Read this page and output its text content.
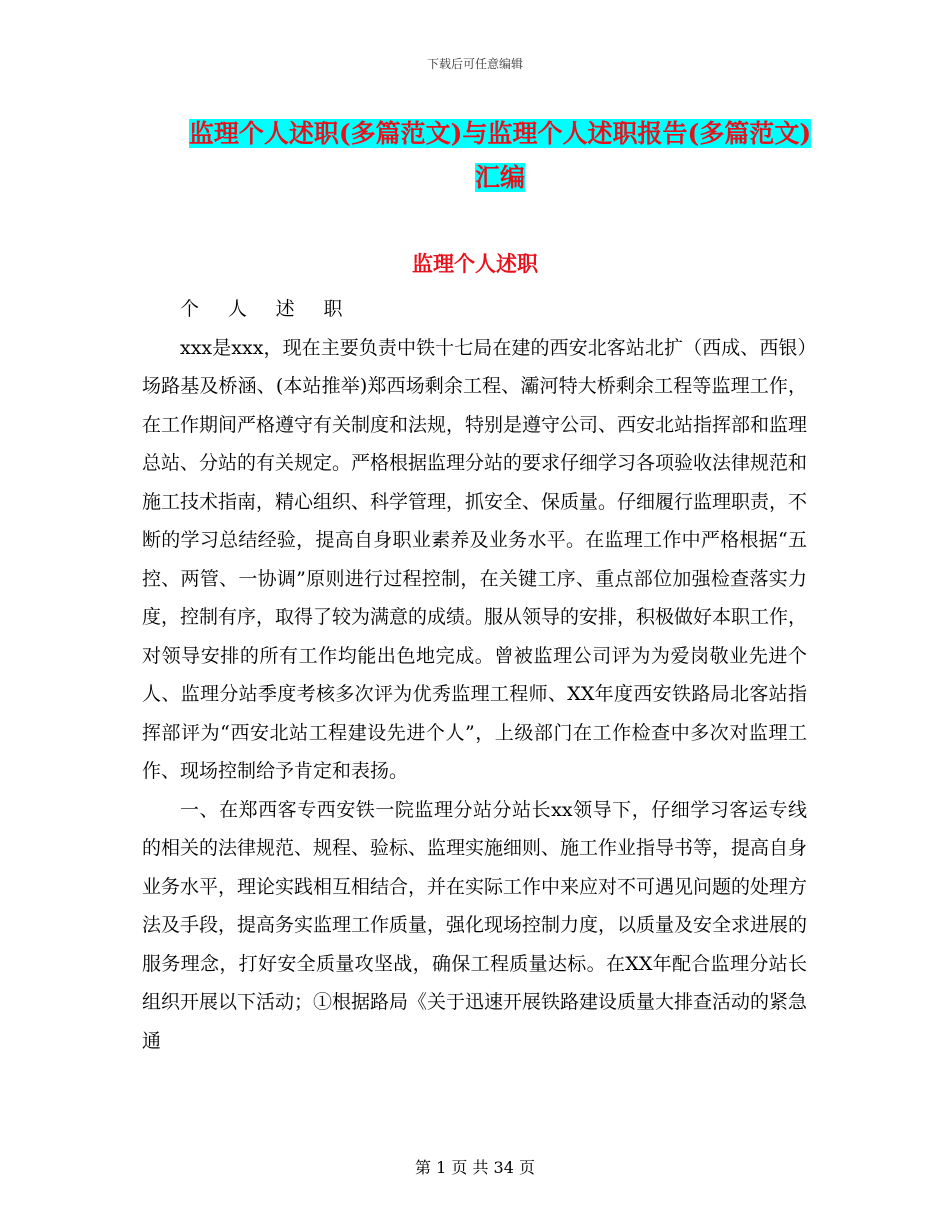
下载后可任意编辑
监理个人述职(多篇范文)与监理个人述职报告(多篇范文)汇编
监理个人述职

个 人 述 职

xxx是xxx，现在主要负责中铁十七局在建的西安北客站北扩（西成、西银）场路基及桥涵、(本站推举)郑西场剩余工程、灞河特大桥剩余工程等监理工作，在工作期间严格遵守有关制度和法规，特别是遵守公司、西安北站指挥部和监理总站、分站的有关规定。严格根据监理分站的要求仔细学习各项验收法律规范和施工技术指南，精心组织、科学管理，抓安全、保质量。仔细履行监理职责，不断的学习总结经验，提高自身职业素养及业务水平。在监理工作中严格根据“五控、两管、一协调”原则进行过程控制，在关键工序、重点部位加强检查落实力度，控制有序，取得了较为满意的成绩。服从领导的安排，积极做好本职工作，对领导安排的所有工作均能出色地完成。曾被监理公司评为为爱岗敬业先进个人、监理分站季度考核多次评为优秀监理工程师、XX年度西安铁路局北客站指挥部评为“西安北站工程建设先进个人”，上级部门在工作检查中多次对监理工作、现场控制给予肯定和表扬。

一、在郑西客专西安铁一院监理分站分站长xx领导下，仔细学习客运专线的相关的法律规范、规程、验标、监理实施细则、施工作业指导书等，提高自身业务水平，理论实践相互相结合，并在实际工作中来应对不可遇见问题的处理方法及手段，提高务实监理工作质量，强化现场控制力度，以质量及安全求进展的服务理念，打好安全质量攻坚战，确保工程质量达标。在XX年配合监理分站长组织开展以下活动；①根据路局《关于迅速开展铁路建设质量大排查活动的紧急通

第 1 页 共 34 页
